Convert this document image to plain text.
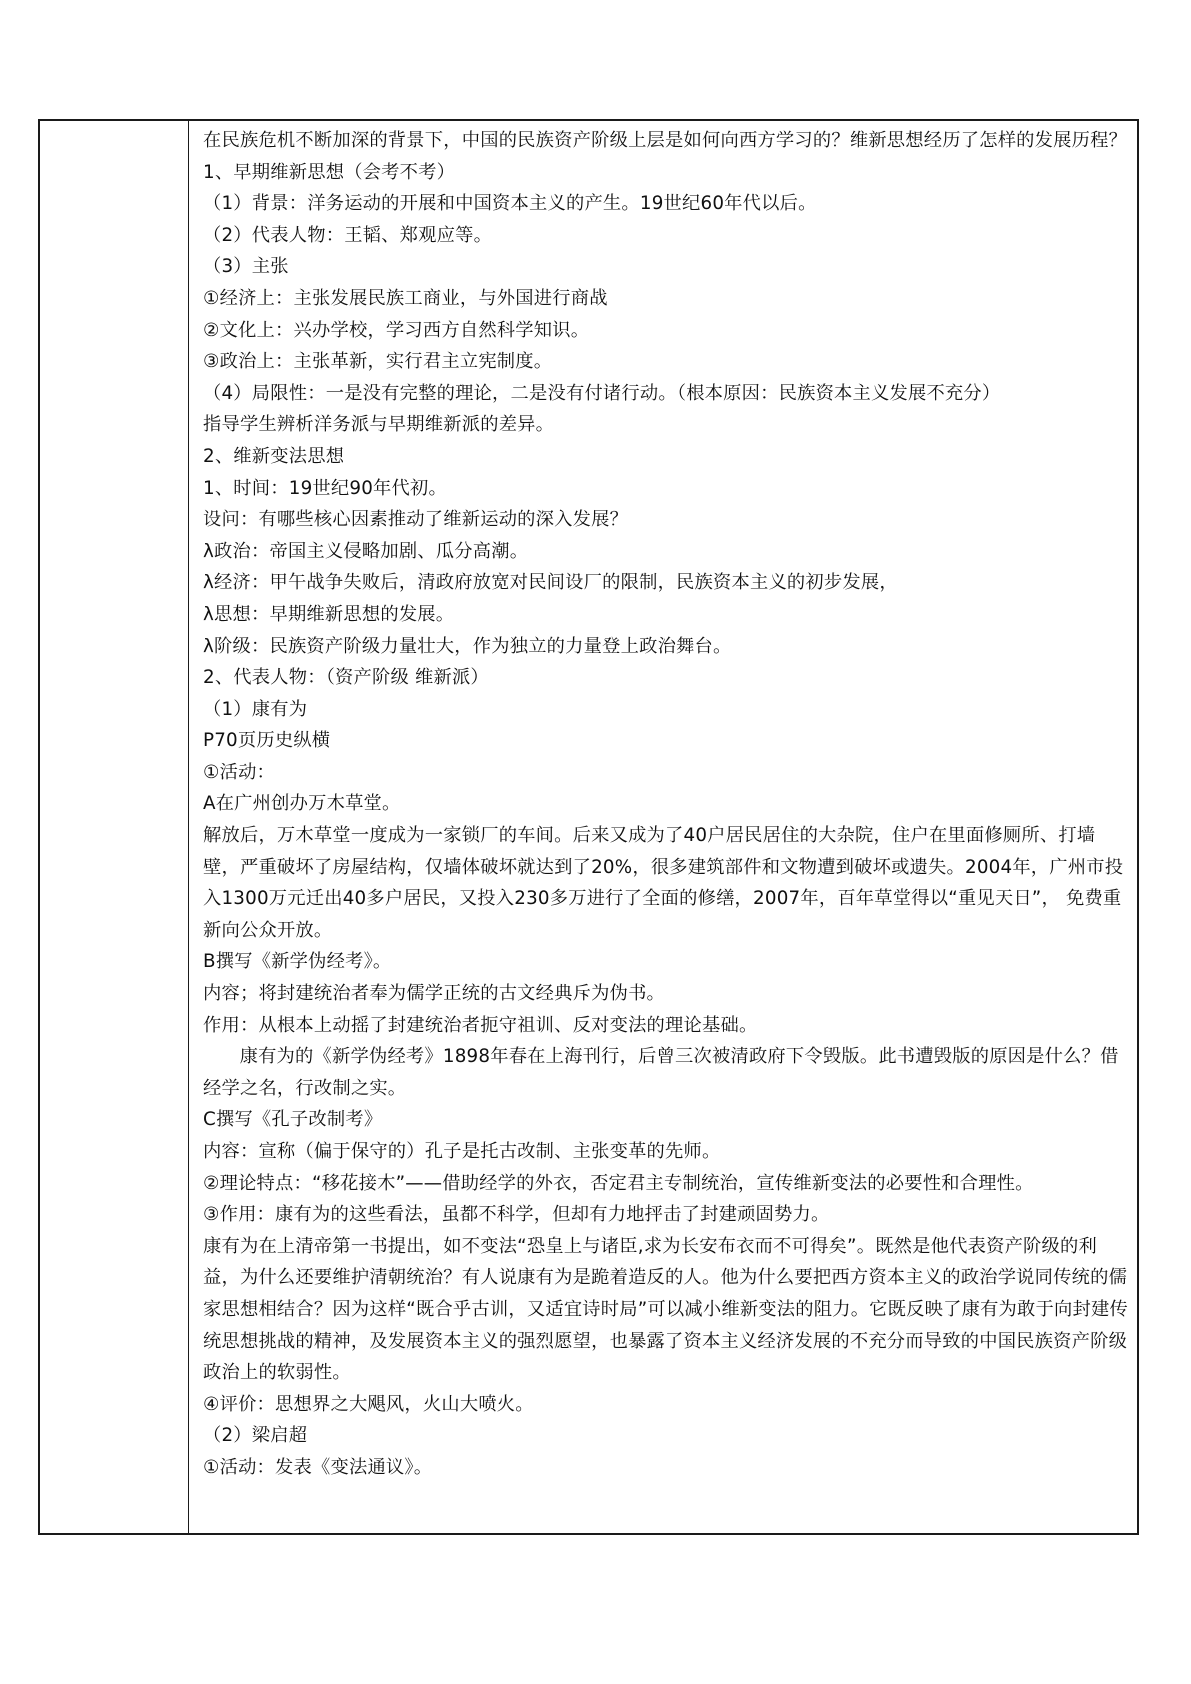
在民族危机不断加深的背景下，中国的民族资产阶级上层是如何向西方学习的？维新思想经历了怎样的发展历程？

1、早期维新思想（会考不考）

（1）背景：洋务运动的开展和中国资本主义的产生。19世纪60年代以后。

（2）代表人物：王韬、郑观应等。

（3）主张

①经济上：主张发展民族工商业，与外国进行商战

②文化上：兴办学校，学习西方自然科学知识。

③政治上：主张革新，实行君主立宪制度。

（4）局限性：一是没有完整的理论，二是没有付诸行动。（根本原因：民族资本主义发展不充分）

指导学生辨析洋务派与早期维新派的差异。

2、维新变法思想

1、时间：19世纪90年代初。

设问：有哪些核心因素推动了维新运动的深入发展？

λ政治：帝国主义侵略加剧、瓜分高潮。

λ经济：甲午战争失败后，清政府放宽对民间设厂的限制，民族资本主义的初步发展，

λ思想：早期维新思想的发展。

λ阶级：民族资产阶级力量壮大，作为独立的力量登上政治舞台。

2、代表人物：（资产阶级 维新派）

（1）康有为

P70页历史纵横

①活动：

A在广州创办万木草堂。

解放后，万木草堂一度成为一家锁厂的车间。后来又成为了40户居民居住的大杂院，住户在里面修厕所、打墙壁，严重破坏了房屋结构，仅墙体破坏就达到了20%，很多建筑部件和文物遭到破坏或遗失。2004年，广州市投入1300万元迁出40多户居民，又投入230多万进行了全面的修缮，2007年，百年草堂得以“重见天日”， 免费重新向公众开放。

B撰写《新学伪经考》。

内容；将封建统治者奉为儒学正统的古文经典斥为伪书。

作用：从根本上动摇了封建统治者扼守祖训、反对变法的理论基础。

康有为的《新学伪经考》1898年春在上海刊行，后曾三次被清政府下令毁版。此书遭毁版的原因是什么？借经学之名，行改制之实。

C撰写《孔子改制考》

内容：宣称（偏于保守的）孔子是托古改制、主张变革的先师。

②理论特点：“移花接木”——借助经学的外衣，否定君主专制统治，宣传维新变法的必要性和合理性。

③作用：康有为的这些看法，虽都不科学，但却有力地抨击了封建顽固势力。

康有为在上清帝第一书提出，如不变法“恐皇上与诸臣,求为长安布衣而不可得矣”。既然是他代表资产阶级的利益，为什么还要维护清朝统治？有人说康有为是跪着造反的人。他为什么要把西方资本主义的政治学说同传统的儒家思想相结合？因为这样“既合乎古训，又适宜诗时局”可以减小维新变法的阻力。它既反映了康有为敢于向封建传统思想挑战的精神，及发展资本主义的强烈愿望，也暴露了资本主义经济发展的不充分而导致的中国民族资产阶级政治上的软弱性。

④评价：思想界之大飓风，火山大喷火。

（2）梁启超

①活动：发表《变法通议》。
